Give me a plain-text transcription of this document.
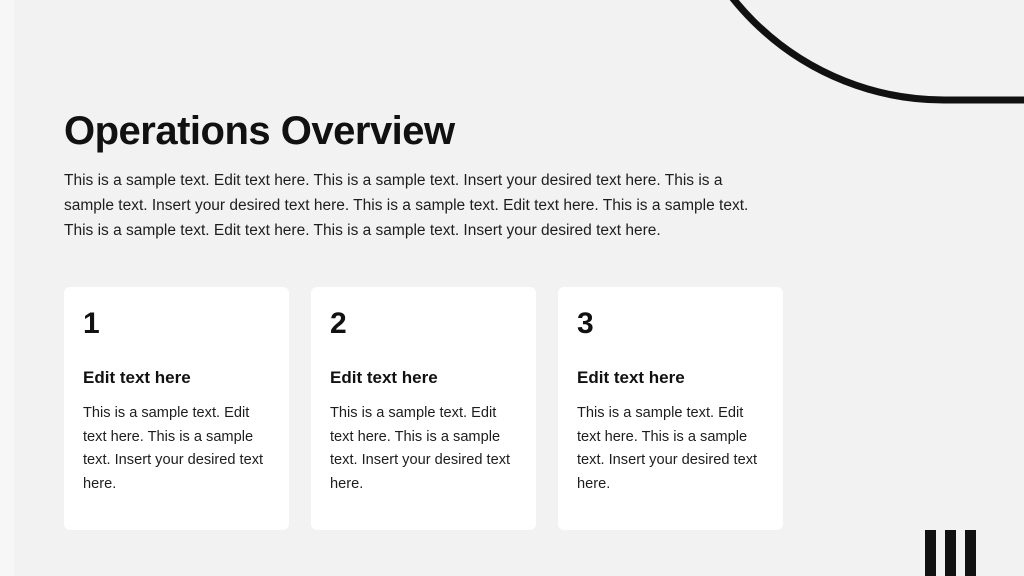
Operations Overview

This is a sample text. Edit text here. This is a sample text. Insert your desired text here. This is a sample text. Insert your desired text here. This is a sample text. Edit text here. This is a sample text. This is a sample text. Edit text here. This is a sample text. Insert your desired text here.

1
Edit text here
This is a sample text. Edit text here. This is a sample text. Insert your desired text here.
2
Edit text here
This is a sample text. Edit text here. This is a sample text. Insert your desired text here.
3
Edit text here
This is a sample text. Edit text here. This is a sample text. Insert your desired text here.
